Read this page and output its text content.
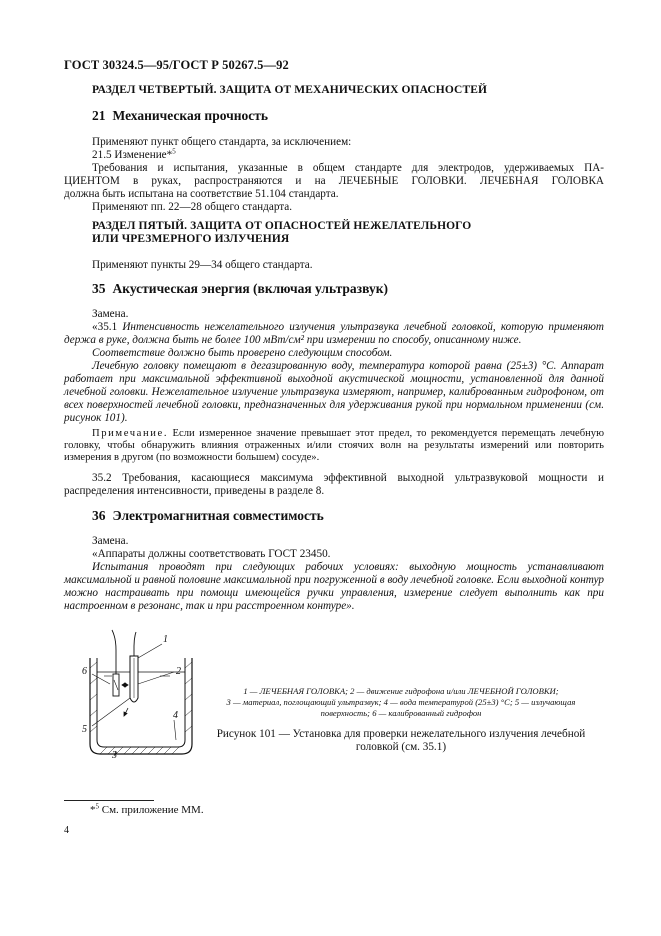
ГОСТ 30324.5—95/ГОСТ Р 50267.5—92
РАЗДЕЛ ЧЕТВЕРТЫЙ. ЗАЩИТА ОТ МЕХАНИЧЕСКИХ ОПАСНОСТЕЙ
21 Механическая прочность

Применяют пункт общего стандарта, за исключением:

21.5 Изменение*$^5$

Требования и испытания, указанные в общем стандарте для электродов, удерживаемых ПА-

ЦИЕНТОМ в руках, распространяются и на ЛЕЧЕБНЫЕ ГОЛОВКИ. ЛЕЧЕБНАЯ ГОЛОВКА

должна быть испытана на соответствие 51.104 стандарта.

Применяют пп. 22—28 общего стандарта.

РАЗДЕЛ ПЯТЫЙ. ЗАЩИТА ОТ ОПАСНОСТЕЙ НЕЖЕЛАТЕЛЬНОГО
ИЛИ ЧРЕЗМЕРНОГО ИЗЛУЧЕНИЯ

Применяют пункты 29—34 общего стандарта.

35 Акустическая энергия (включая ультразвук)

Замена.

«35.1 Интенсивность нежелательного излучения ультразвука лечебной головкой, которую применяют держа в руке, должна быть не более 100 мВт/см² при измерении по способу, описанному ниже.

Соответствие должно быть проверено следующим способом.

Лечебную головку помещают в дегазированную воду, температура которой равна (25±3) °С. Аппарат работает при максимальной эффективной выходной акустической мощности, установленной для данной лечебной головки. Нежелательное излучение ультразвука измеряют, например, калиброванным гидрофоном, от всех поверхностей лечебной головки, предназначенных для удерживания рукой при нормальном применении (см. рисунок 101).

Примечание. Если измеренное значение превышает этот предел, то рекомендуется перемещать лечебную головку, чтобы обнаружить влияния отраженных и/или стоячих волн на результаты измерений или повторить измерения в другом (по возможности большем) сосуде».

35.2 Требования, касающиеся максимума эффективной выходной ультразвуковой мощности и распределения интенсивности, приведены в разделе 8.

36 Электромагнитная совместимость

Замена.

«Аппараты должны соответствовать ГОСТ 23450.

Испытания проводят при следующих рабочих условиях: выходную мощность устанавливают максимальной и равной половине максимальной при погруженной в воду лечебной головке. Если выходной контур можно настраивать при помощи имеющейся ручки управления, измерение следует выполнить как при настроенном в резонанс, так и при расстроенном контуре».

1
2
3
4
5
6
1 — ЛЕЧЕБНАЯ ГОЛОВКА; 2 — движение гидрофона и/или ЛЕЧЕБНОЙ ГОЛОВКИ;
3 — материал, поглощающий ультразвук; 4 — вода температурой (25±3) °С; 5 — излучающая
поверхность; 6 — калиброванный гидрофон
Рисунок 101 — Установка для проверки нежелательного излучения лечебной головкой (см. 35.1)
*$^5$ См. приложение ММ.
4
